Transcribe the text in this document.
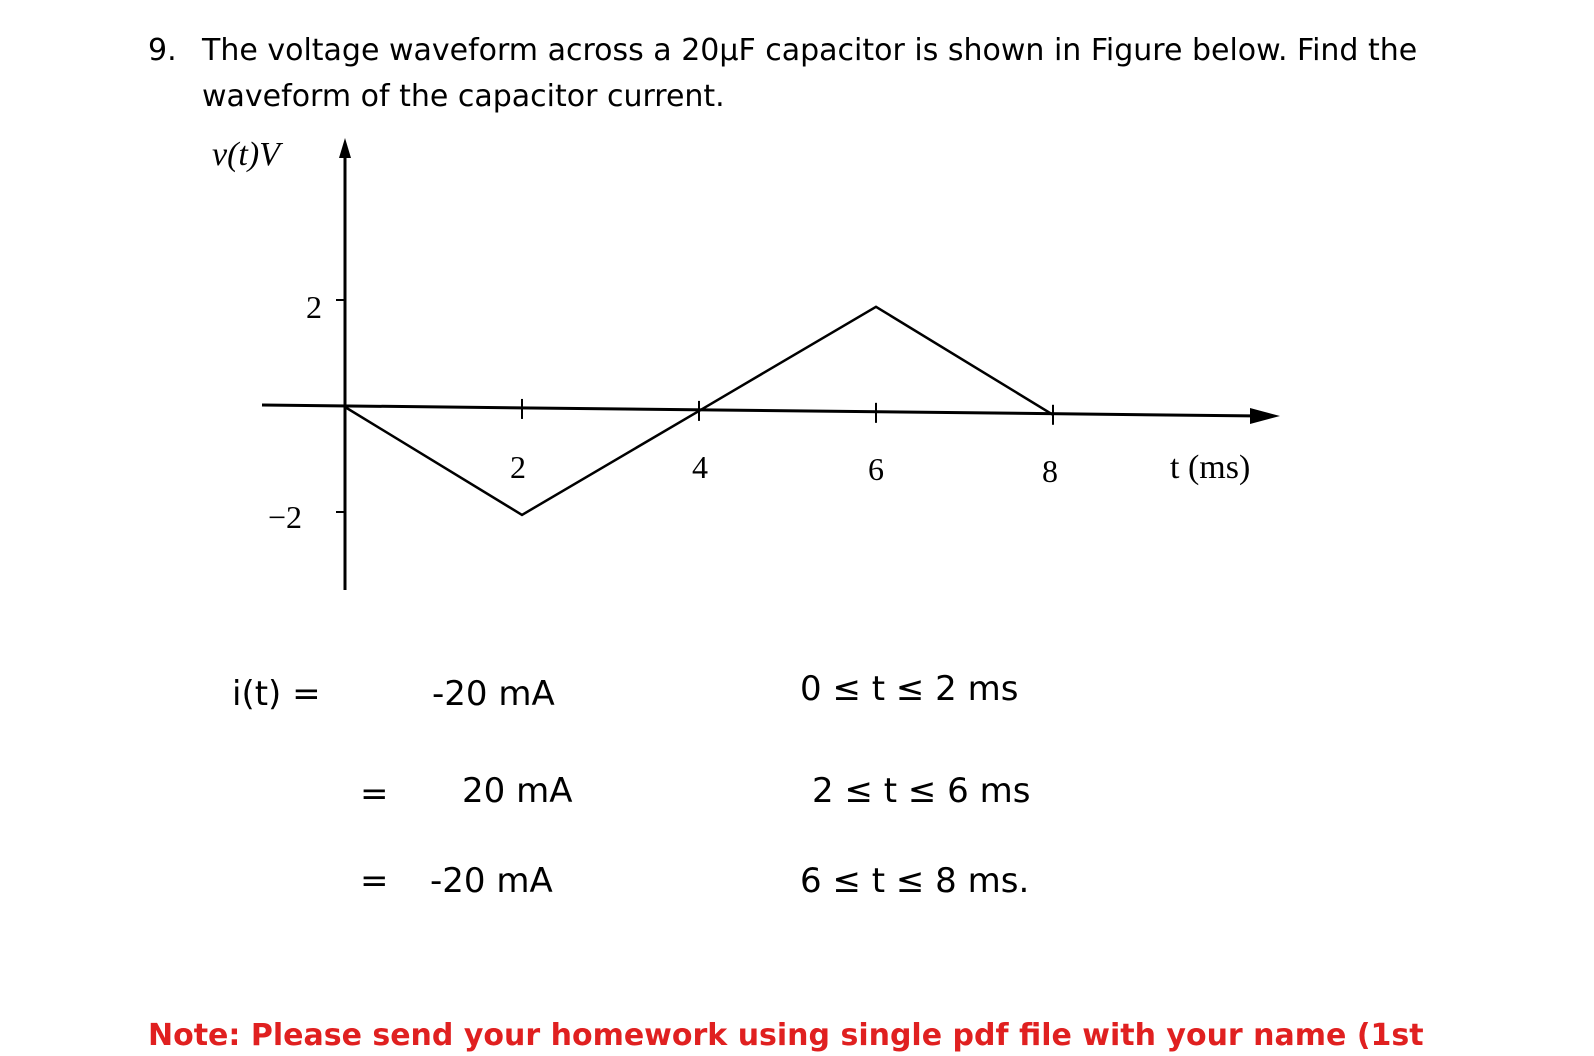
9. The voltage waveform across a 20µF capacitor is shown in Figure below. Find the waveform of the capacitor current.
v(t)V
t (ms)
2
−2
2	4	6	8
i(t) =	-20 mA	0 ≤ t ≤ 2 ms
= 20 mA	2 ≤ t ≤ 6 ms
= -20 mA	6 ≤ t ≤ 8 ms.
Note: Please send your homework using single pdf file with your name (1st
